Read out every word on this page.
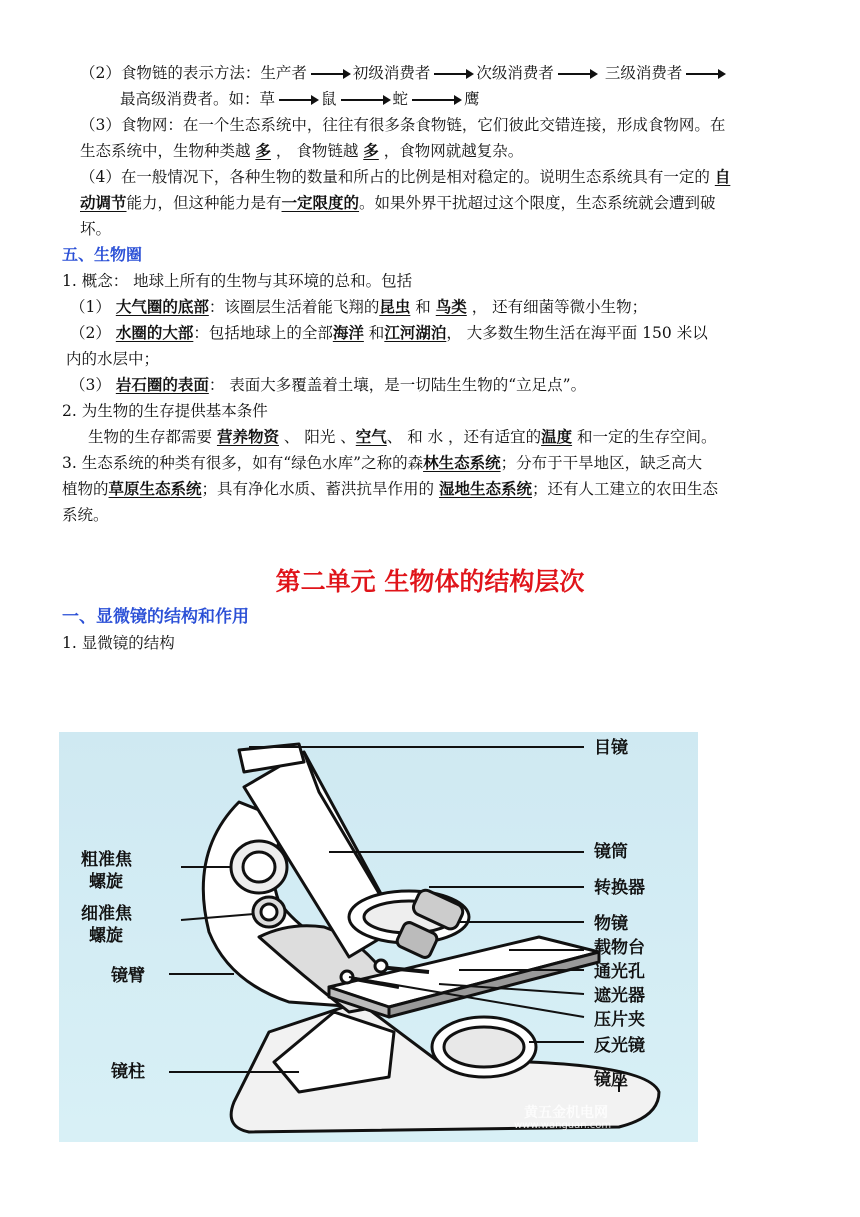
（2）食物链的表示方法：生产者	初级消费者	次级消费者	三级消费者
最高级消费者。如：草	鼠	蛇	鹰
（3）食物网：在一个生态系统中，往往有很多条食物链，它们彼此交错连接，形成食物网。在
生态系统中，生物种类越 多 ， 食物链越 多 ，食物网就越复杂。
（4）在一般情况下，各种生物的数量和所占的比例是相对稳定的。说明生态系统具有一定的 自
动调节能力，但这种能力是有一定限度的。如果外界干扰超过这个限度，生态系统就会遭到破
坏。
五、生物圈
1. 概念： 地球上所有的生物与其环境的总和。包括
（1） 大气圈的底部：该圈层生活着能飞翔的昆虫 和 鸟类 ， 还有细菌等微小生物；
（2） 水圈的大部：包括地球上的全部海洋 和江河湖泊， 大多数生物生活在海平面 150 米以
内的水层中；
（3） 岩石圈的表面： 表面大多覆盖着土壤，是一切陆生生物的“立足点”。
2. 为生物的生存提供基本条件
生物的生存都需要 营养物资 、 阳光 、空气、 和 水 ，还有适宜的温度 和一定的生存空间。
3. 生态系统的种类有很多，如有“绿色水库”之称的森林生态系统；分布于干旱地区，缺乏高大
植物的草原生态系统；具有净化水质、蓄洪抗旱作用的 湿地生态系统；还有人工建立的农田生态
系统。
第二单元 生物体的结构层次
一、显微镜的结构和作用
1. 显微镜的结构
目镜
镜筒
转换器
物镜
载物台
通光孔
遮光器
压片夹
反光镜
镜座
粗准焦
螺旋
细准焦
螺旋
镜臂
镜柱
黄五金机电网
www.wanguan.com
